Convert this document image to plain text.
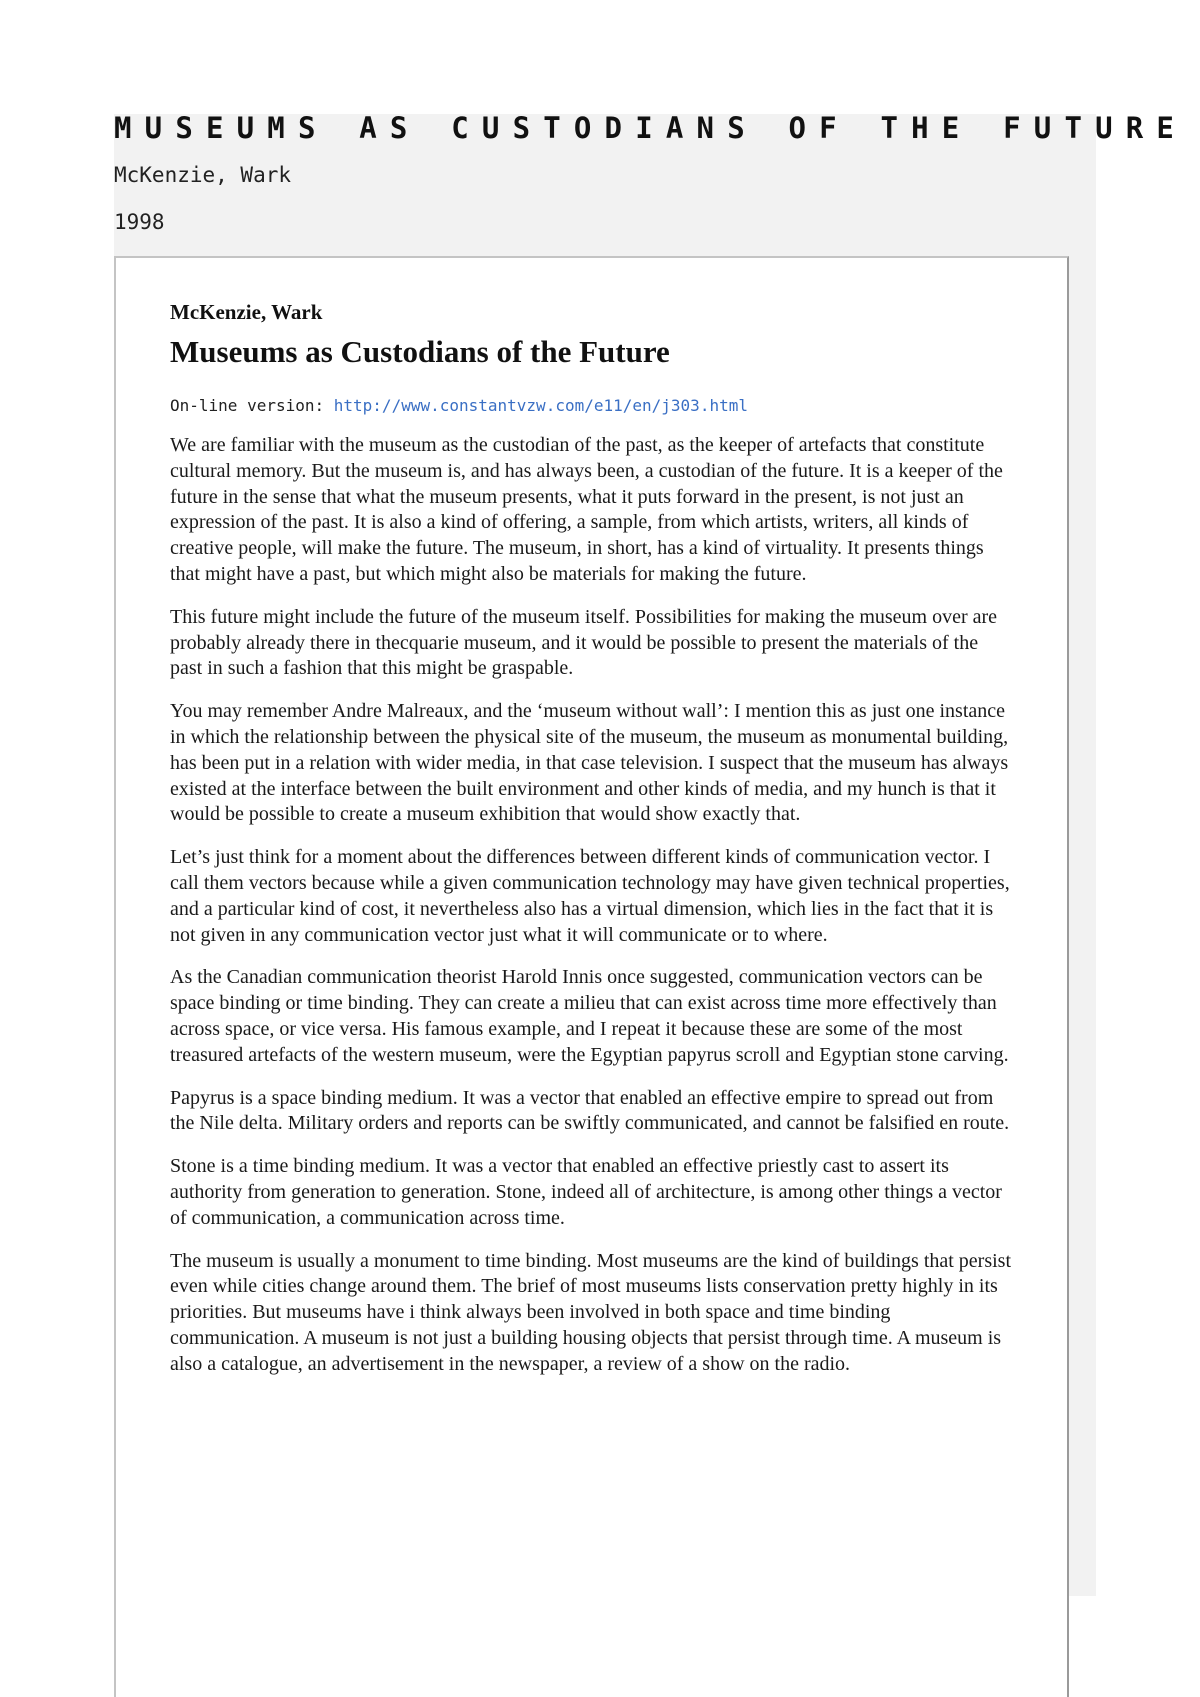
MUSEUMS AS CUSTODIANS OF THE FUTURE

McKenzie, Wark

1998

McKenzie, Wark

Museums as Custodians of the Future

On-line version: http://www.constantvzw.com/e11/en/j303.html

We are familiar with the museum as the custodian of the past, as the keeper of artefacts that constitute cultural memory. But the museum is, and has always been, a custodian of the future. It is a keeper of the future in the sense that what the museum presents, what it puts forward in the present, is not just an expression of the past. It is also a kind of offering, a sample, from which artists, writers, all kinds of creative people, will make the future. The museum, in short, has a kind of virtuality. It presents things that might have a past, but which might also be materials for making the future.

This future might include the future of the museum itself. Possibilities for making the museum over are probably already there in thecquarie museum, and it would be possible to present the materials of the past in such a fashion that this might be graspable.

You may remember Andre Malreaux, and the ‘museum without wall’: I mention this as just one instance in which the relationship between the physical site of the museum, the museum as monumental building, has been put in a relation with wider media, in that case television. I suspect that the museum has always existed at the interface between the built environment and other kinds of media, and my hunch is that it would be possible to create a museum exhibition that would show exactly that.

Let’s just think for a moment about the differences between different kinds of communication vector. I call them vectors because while a given communication technology may have given technical properties, and a particular kind of cost, it nevertheless also has a virtual dimension, which lies in the fact that it is not given in any communication vector just what it will communicate or to where.

As the Canadian communication theorist Harold Innis once suggested, communication vectors can be space binding or time binding. They can create a milieu that can exist across time more effectively than across space, or vice versa. His famous example, and I repeat it because these are some of the most treasured artefacts of the western museum, were the Egyptian papyrus scroll and Egyptian stone carving.

Papyrus is a space binding medium. It was a vector that enabled an effective empire to spread out from the Nile delta. Military orders and reports can be swiftly communicated, and cannot be falsified en route.

Stone is a time binding medium. It was a vector that enabled an effective priestly cast to assert its authority from generation to generation. Stone, indeed all of architecture, is among other things a vector of communication, a communication across time.

The museum is usually a monument to time binding. Most museums are the kind of buildings that persist even while cities change around them. The brief of most museums lists conservation pretty highly in its priorities. But museums have i think always been involved in both space and time binding communication. A museum is not just a building housing objects that persist through time. A museum is also a catalogue, an advertisement in the newspaper, a review of a show on the radio.
